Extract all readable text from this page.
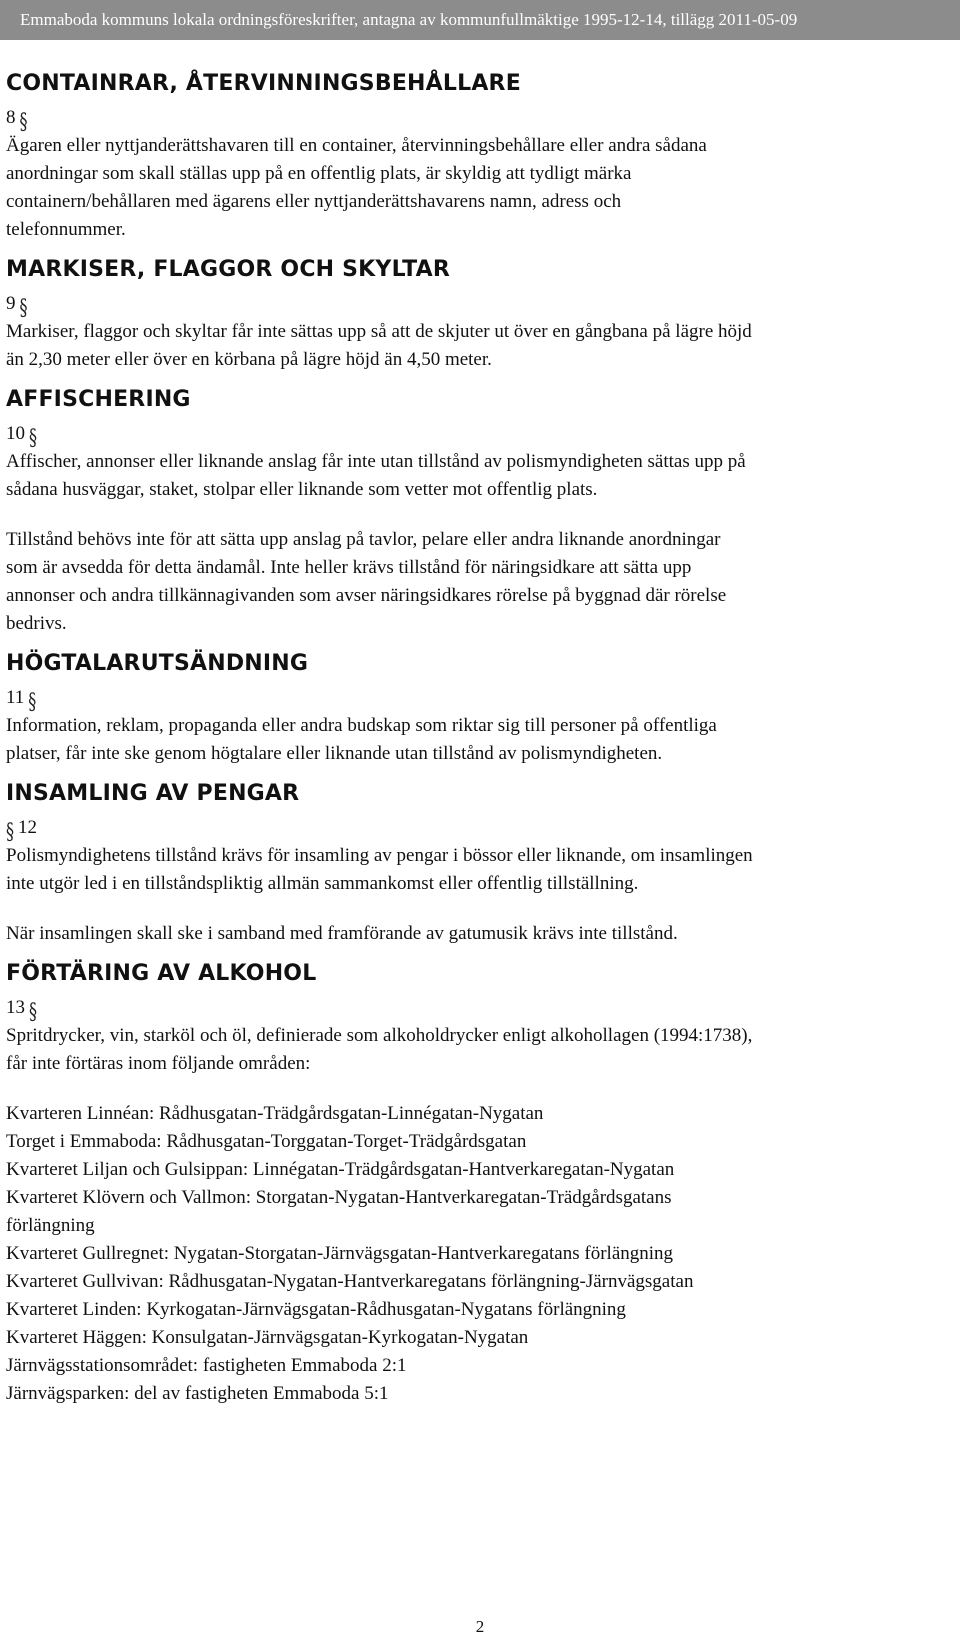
Emmaboda kommuns lokala ordningsföreskrifter, antagna av kommunfullmäktige 1995-12-14, tillägg 2011-05-09
CONTAINRAR, ÅTERVINNINGSBEHÅLLARE

8 §

Ägaren eller nyttjanderättshavaren till en container, återvinningsbehållare eller andra sådana
anordningar som skall ställas upp på en offentlig plats, är skyldig att tydligt märka
containern/behållaren med ägarens eller nyttjanderättshavarens namn, adress och
telefonnummer.

MARKISER, FLAGGOR OCH SKYLTAR

9 §

Markiser, flaggor och skyltar får inte sättas upp så att de skjuter ut över en gångbana på lägre höjd
än 2,30 meter eller över en körbana på lägre höjd än 4,50 meter.

AFFISCHERING

10 §

Affischer, annonser eller liknande anslag får inte utan tillstånd av polismyndigheten sättas upp på
sådana husväggar, staket, stolpar eller liknande som vetter mot offentlig plats.

Tillstånd behövs inte för att sätta upp anslag på tavlor, pelare eller andra liknande anordningar
som är avsedda för detta ändamål. Inte heller krävs tillstånd för näringsidkare att sätta upp
annonser och andra tillkännagivanden som avser näringsidkares rörelse på byggnad där rörelse
bedrivs.

HÖGTALARUTSÄNDNING

11 §

Information, reklam, propaganda eller andra budskap som riktar sig till personer på offentliga
platser, får inte ske genom högtalare eller liknande utan tillstånd av polismyndigheten.

INSAMLING AV PENGAR

§ 12

Polismyndighetens tillstånd krävs för insamling av pengar i bössor eller liknande, om insamlingen
inte utgör led i en tillståndspliktig allmän sammankomst eller offentlig tillställning.

När insamlingen skall ske i samband med framförande av gatumusik krävs inte tillstånd.

FÖRTÄRING AV ALKOHOL

13 §

Spritdrycker, vin, starköl och öl, definierade som alkoholdrycker enligt alkohollagen (1994:1738),
får inte förtäras inom följande områden:

Kvarteren Linnéan: Rådhusgatan-Trädgårdsgatan-Linnégatan-Nygatan

Torget i Emmaboda: Rådhusgatan-Torggatan-Torget-Trädgårdsgatan

Kvarteret Liljan och Gulsippan: Linnégatan-Trädgårdsgatan-Hantverkaregatan-Nygatan

Kvarteret Klövern och Vallmon: Storgatan-Nygatan-Hantverkaregatan-Trädgårdsgatans

förlängning

Kvarteret Gullregnet: Nygatan-Storgatan-Järnvägsgatan-Hantverkaregatans förlängning

Kvarteret Gullvivan: Rådhusgatan-Nygatan-Hantverkaregatans förlängning-Järnvägsgatan

Kvarteret Linden: Kyrkogatan-Järnvägsgatan-Rådhusgatan-Nygatans förlängning

Kvarteret Häggen: Konsulgatan-Järnvägsgatan-Kyrkogatan-Nygatan

Järnvägsstationsområdet: fastigheten Emmaboda 2:1

Järnvägsparken: del av fastigheten Emmaboda 5:1

2
